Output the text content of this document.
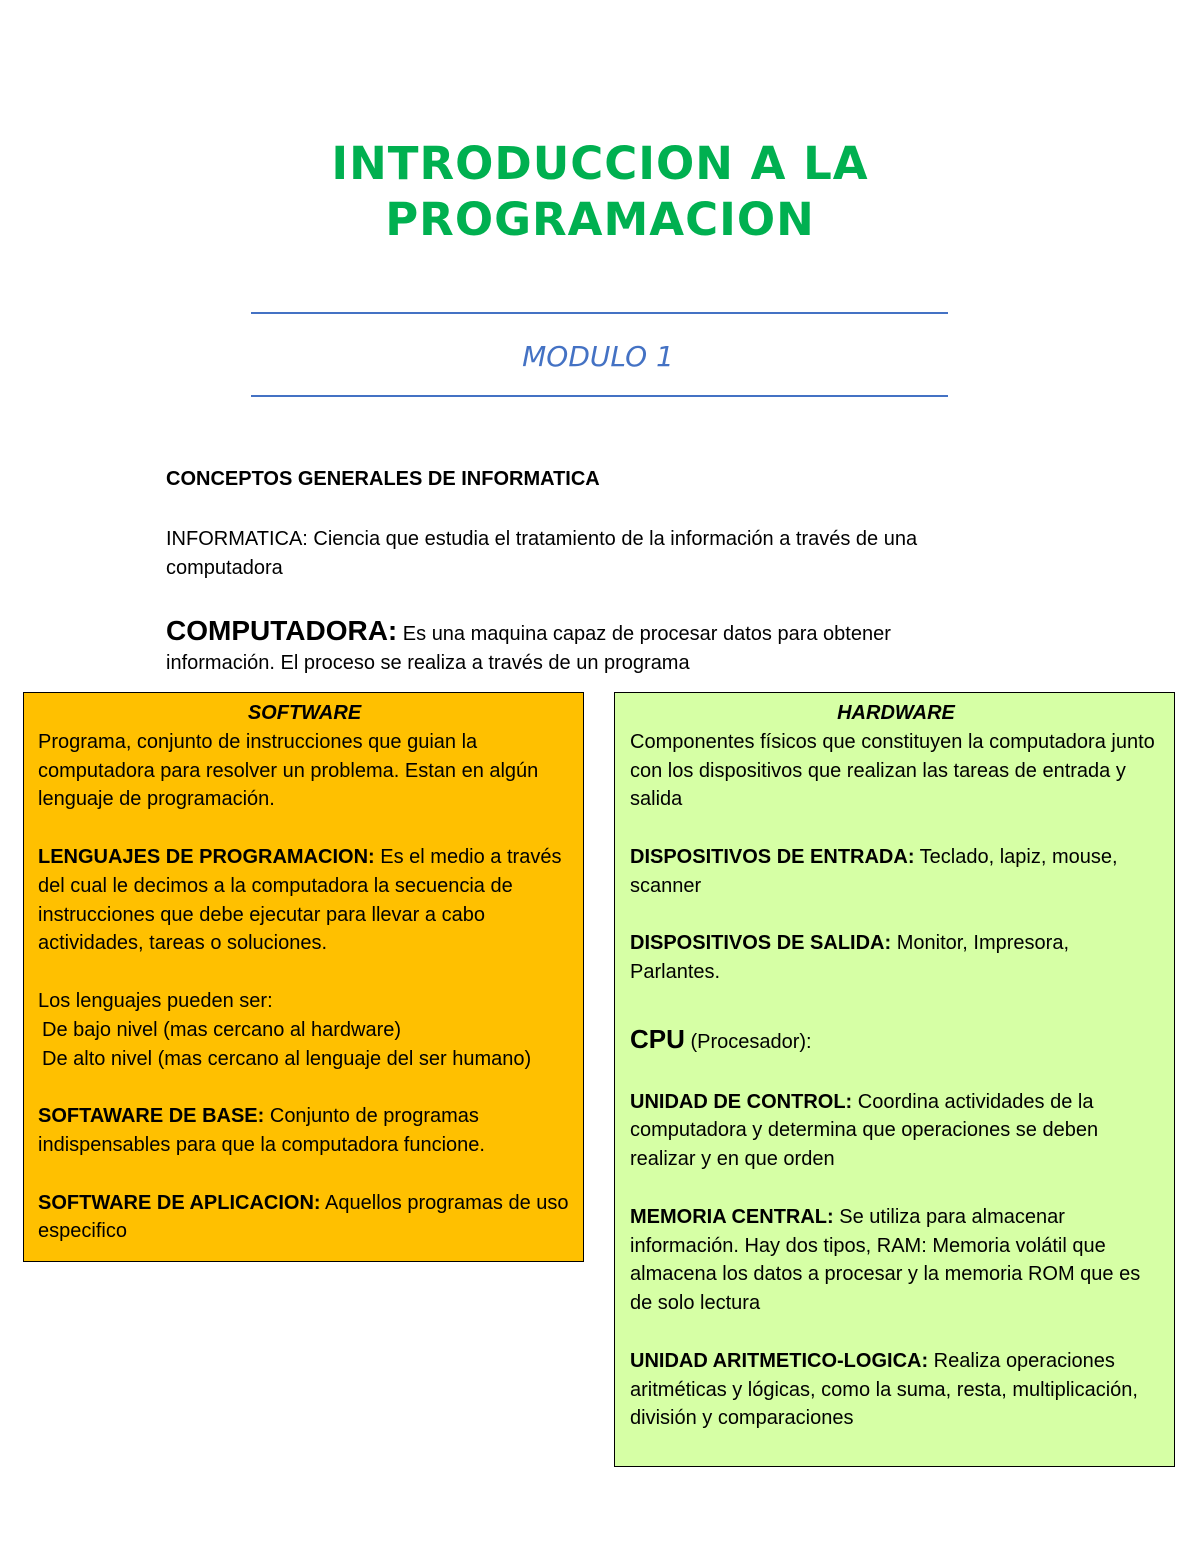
INTRODUCCION A LA
PROGRAMACION
MODULO 1
CONCEPTOS GENERALES DE INFORMATICA
INFORMATICA: Ciencia que estudia el tratamiento de la información a través de una
computadora
COMPUTADORA: Es una maquina capaz de procesar datos para obtener
información. El proceso se realiza a través de un programa
SOFTWARE

Programa, conjunto de instrucciones que guian la computadora para resolver un problema. Estan en algún lenguaje de programación.

LENGUAJES DE PROGRAMACION: Es el medio a través del cual le decimos a la computadora la secuencia de instrucciones que debe ejecutar para llevar a cabo actividades, tareas o soluciones.

Los lenguajes pueden ser:

De bajo nivel (mas cercano al hardware)

De alto nivel (mas cercano al lenguaje del ser humano)

SOFTAWARE DE BASE: Conjunto de programas indispensables para que la computadora funcione.

SOFTWARE DE APLICACION: Aquellos programas de uso especifico

HARDWARE

Componentes físicos que constituyen la computadora junto con los dispositivos que realizan las tareas de entrada y salida

DISPOSITIVOS DE ENTRADA: Teclado, lapiz, mouse, scanner

DISPOSITIVOS DE SALIDA: Monitor, Impresora, Parlantes.

CPU (Procesador):

UNIDAD DE CONTROL: Coordina actividades de la computadora y determina que operaciones se deben realizar y en que orden

MEMORIA CENTRAL: Se utiliza para almacenar información. Hay dos tipos, RAM: Memoria volátil que almacena los datos a procesar y la memoria ROM que es de solo lectura

UNIDAD ARITMETICO-LOGICA: Realiza operaciones aritméticas y lógicas, como la suma, resta, multiplicación, división y comparaciones
